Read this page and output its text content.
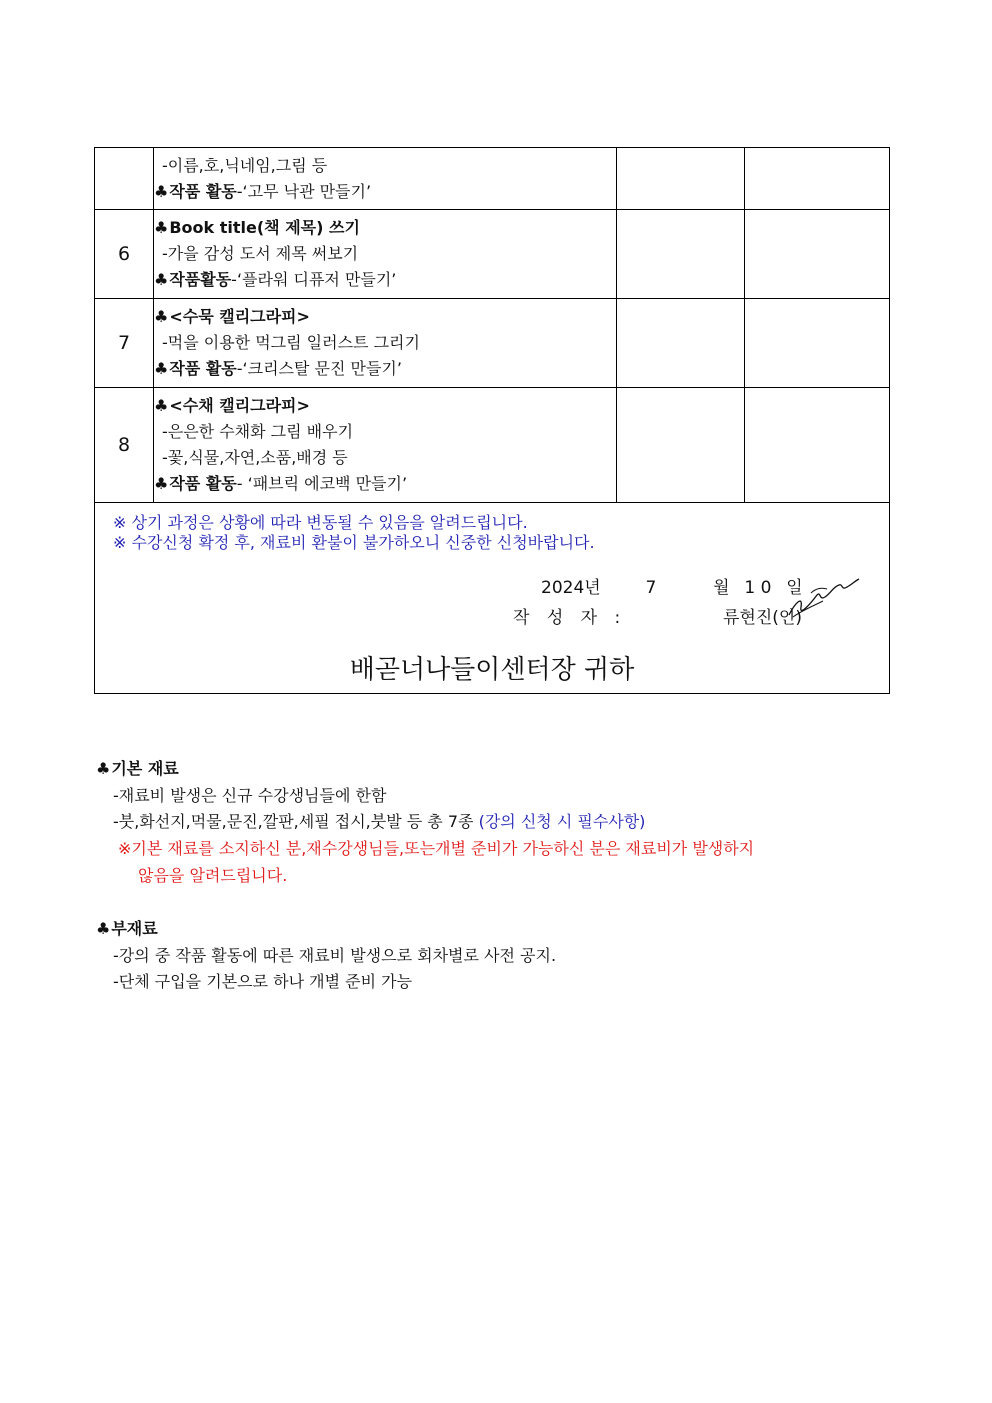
	-이름,호,닉네임,그림 등
♣작품 활동-‘고무 낙관 만들기’		

6	♣Book title(책 제목) 쓰기
-가을 감성 도서 제목 써보기
♣작품활동-‘플라워 디퓨저 만들기’		

7	♣<수묵 캘리그라피>
-먹을 이용한 먹그림 일러스트 그리기
♣작품 활동-‘크리스탈 문진 만들기’		

8	♣<수채 캘리그라피>
-은은한 수채화 그림 배우기
-꽃,식물,자연,소품,배경 등
♣작품 활동- ‘패브릭 에코백 만들기’		

※ 상기 과정은 상황에 따라 변동될 수 있음을 알려드립니다.
※ 수강신청 확정 후, 재료비 환불이 불가하오니 신중한 신청바랍니다.
2024년 7 월 1 0 일
작 성 자 : 류현진(인)
배곧너나들이센터장 귀하			
♣기본 재료
-재료비 발생은 신규 수강생님들에 한함
-붓,화선지,먹물,문진,깔판,세필 접시,붓발 등 총 7종 (강의 신청 시 필수사항)
※기본 재료를 소지하신 분,재수강생님들,또는개별 준비가 가능하신 분은 재료비가 발생하지
않음을 알려드립니다.
♣부재료
-강의 중 작품 활동에 따른 재료비 발생으로 회차별로 사전 공지.
-단체 구입을 기본으로 하나 개별 준비 가능
